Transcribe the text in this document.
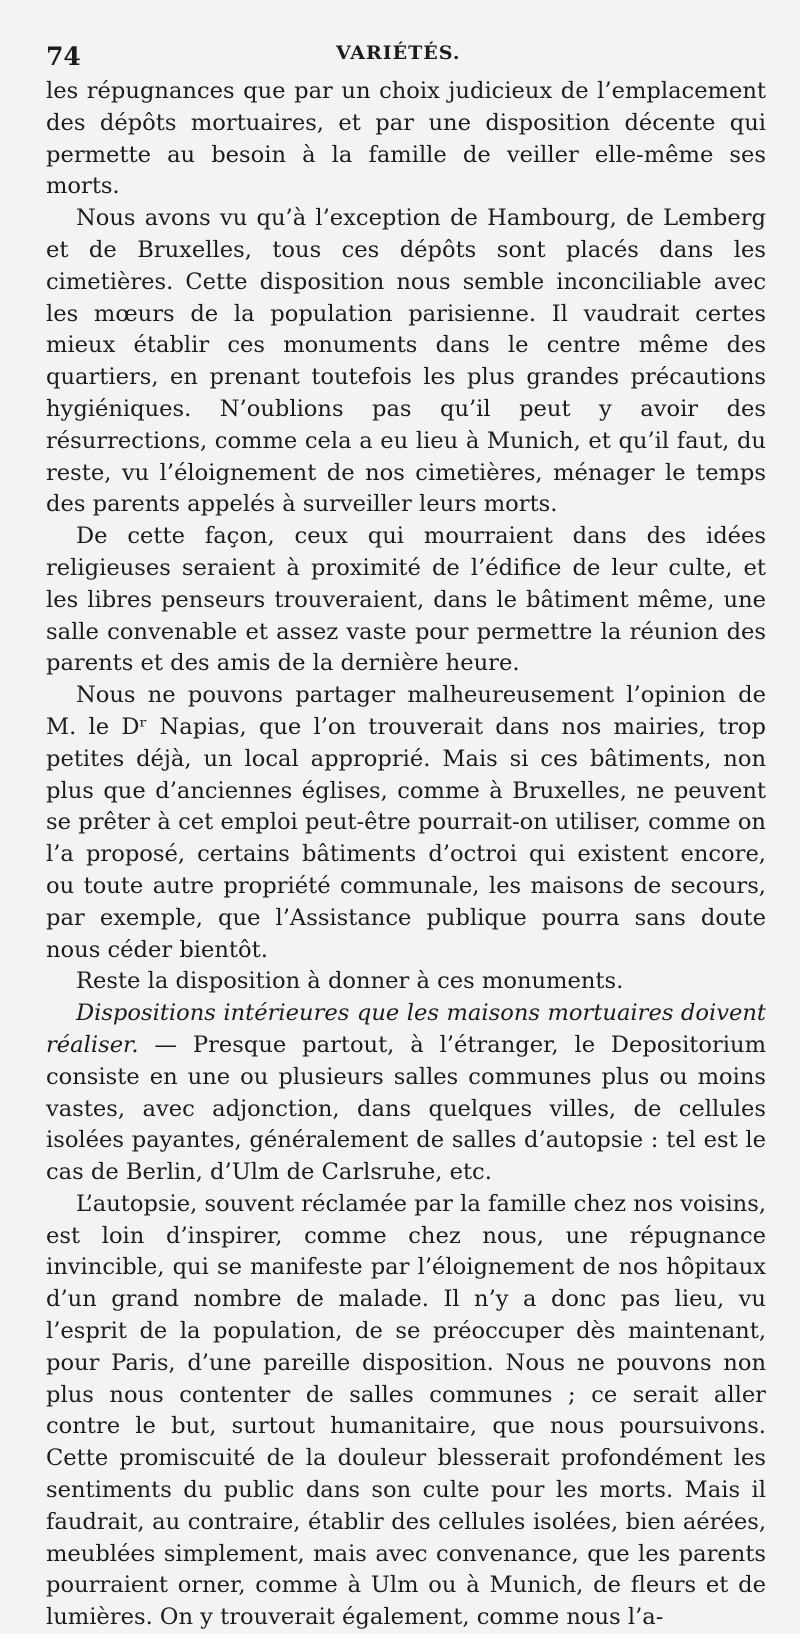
74	VARIÉTÉS.

les répugnances que par un choix judicieux de l’emplacement des dépôts mortuaires, et par une disposition décente qui permette au besoin à la famille de veiller elle-même ses morts.

Nous avons vu qu’à l’exception de Hambourg, de Lemberg et de Bruxelles, tous ces dépôts sont placés dans les cimetières. Cette disposition nous semble inconciliable avec les mœurs de la population parisienne. Il vaudrait certes mieux établir ces monuments dans le centre même des quartiers, en prenant toutefois les plus grandes précautions hygiéniques. N’oublions pas qu’il peut y avoir des résurrections, comme cela a eu lieu à Munich, et qu’il faut, du reste, vu l’éloignement de nos cimetières, ménager le temps des parents appelés à surveiller leurs morts.

De cette façon, ceux qui mourraient dans des idées religieuses seraient à proximité de l’édifice de leur culte, et les libres penseurs trouveraient, dans le bâtiment même, une salle convenable et assez vaste pour permettre la réunion des parents et des amis de la dernière heure.

Nous ne pouvons partager malheureusement l’opinion de M. le Dʳ Napias, que l’on trouverait dans nos mairies, trop petites déjà, un local approprié. Mais si ces bâtiments, non plus que d’anciennes églises, comme à Bruxelles, ne peuvent se prêter à cet emploi peut-être pourrait-on utiliser, comme on l’a proposé, certains bâtiments d’octroi qui existent encore, ou toute autre propriété communale, les maisons de secours, par exemple, que l’Assistance publique pourra sans doute nous céder bientôt.

Reste la disposition à donner à ces monuments.

Dispositions intérieures que les maisons mortuaires doivent réaliser. — Presque partout, à l’étranger, le Depositorium consiste en une ou plusieurs salles communes plus ou moins vastes, avec adjonction, dans quelques villes, de cellules isolées payantes, généralement de salles d’autopsie : tel est le cas de Berlin, d’Ulm de Carlsruhe, etc.

L’autopsie, souvent réclamée par la famille chez nos voisins, est loin d’inspirer, comme chez nous, une répugnance invincible, qui se manifeste par l’éloignement de nos hôpitaux d’un grand nombre de malade. Il n’y a donc pas lieu, vu l’esprit de la population, de se préoccuper dès maintenant, pour Paris, d’une pareille disposition. Nous ne pouvons non plus nous contenter de salles communes ; ce serait aller contre le but, surtout humanitaire, que nous poursuivons. Cette promiscuité de la douleur blesserait profondément les sentiments du public dans son culte pour les morts. Mais il faudrait, au contraire, établir des cellules isolées, bien aérées, meublées simplement, mais avec convenance, que les parents pourraient orner, comme à Ulm ou à Munich, de fleurs et de lumières. On y trouverait également, comme nous l’a-
